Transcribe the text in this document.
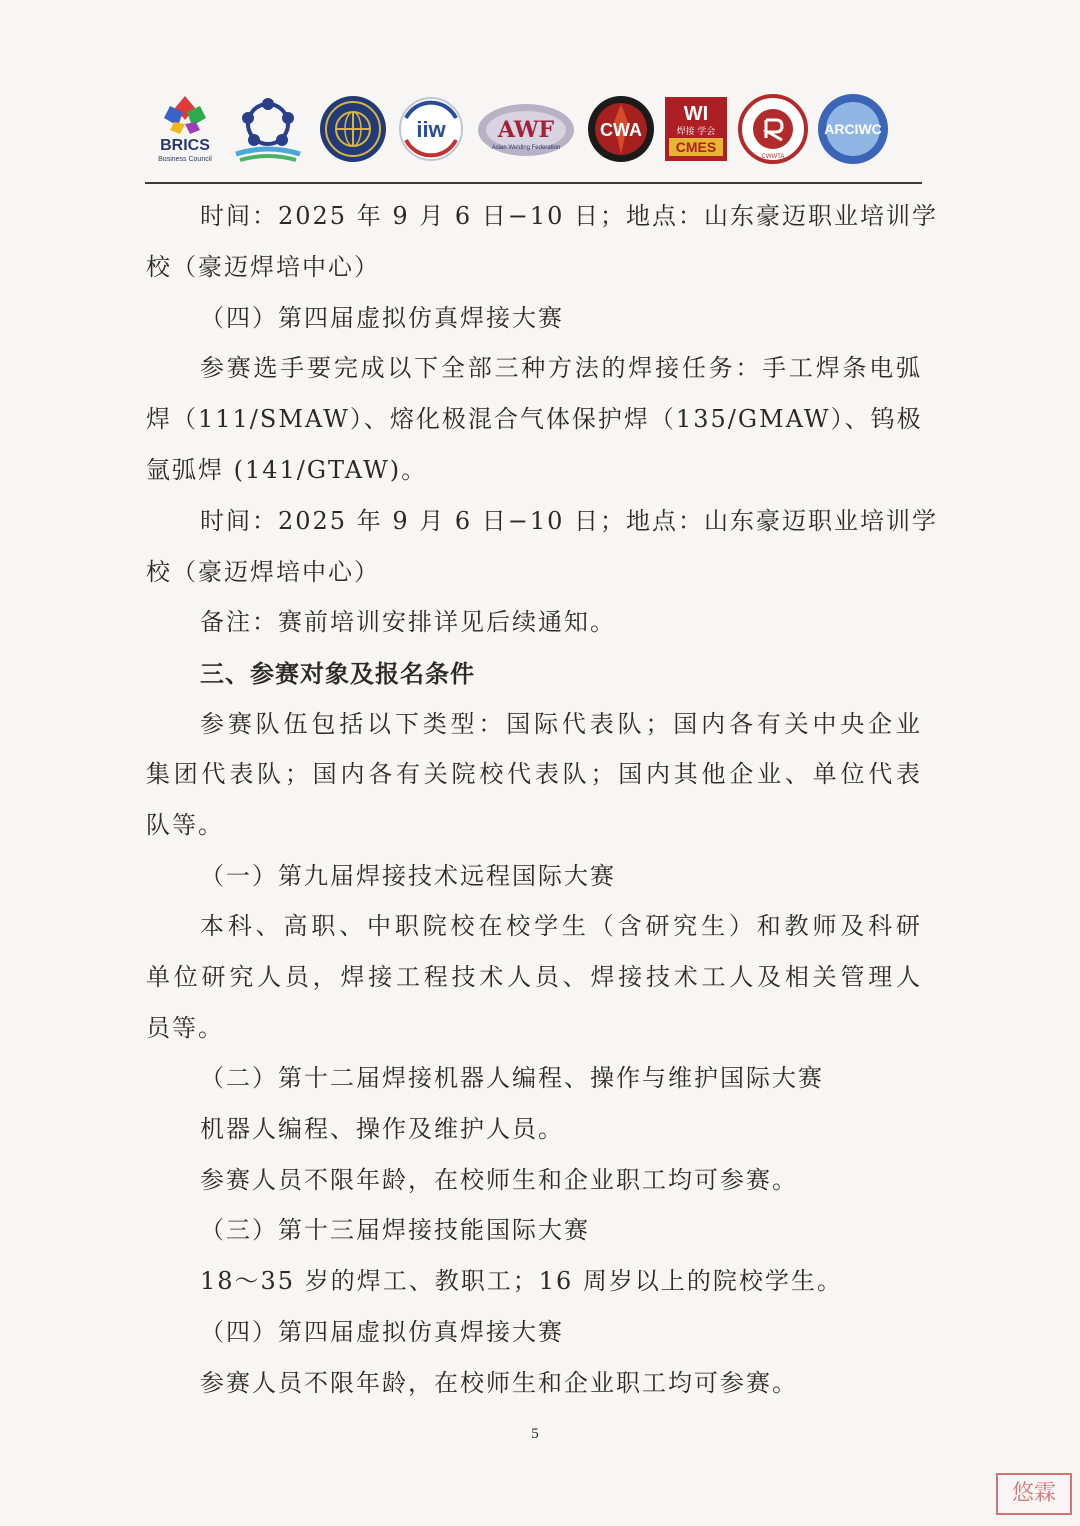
BRICS
Business Council
iiw AWF
Asian Welding Federation
CWA
WI
焊接 学会
CMES
CWWTA
ARCIWC
时间：2025 年 9 月 6 日−10 日；地点：山东豪迈职业培训学
校（豪迈焊培中心）
（四）第四届虚拟仿真焊接大赛
参赛选手要完成以下全部三种方法的焊接任务：手工焊条电弧
焊（111/SMAW）、熔化极混合气体保护焊（135/GMAW）、钨极
氩弧焊 (141/GTAW)。
时间：2025 年 9 月 6 日−10 日；地点：山东豪迈职业培训学
校（豪迈焊培中心）
备注：赛前培训安排详见后续通知。
三、参赛对象及报名条件
参赛队伍包括以下类型：国际代表队；国内各有关中央企业
集团代表队；国内各有关院校代表队；国内其他企业、单位代表
队等。
（一）第九届焊接技术远程国际大赛
本科、高职、中职院校在校学生（含研究生）和教师及科研
单位研究人员，焊接工程技术人员、焊接技术工人及相关管理人
员等。
（二）第十二届焊接机器人编程、操作与维护国际大赛
机器人编程、操作及维护人员。
参赛人员不限年龄，在校师生和企业职工均可参赛。
（三）第十三届焊接技能国际大赛
18～35 岁的焊工、教职工；16 周岁以上的院校学生。
（四）第四届虚拟仿真焊接大赛
参赛人员不限年龄，在校师生和企业职工均可参赛。
5
悠霖
